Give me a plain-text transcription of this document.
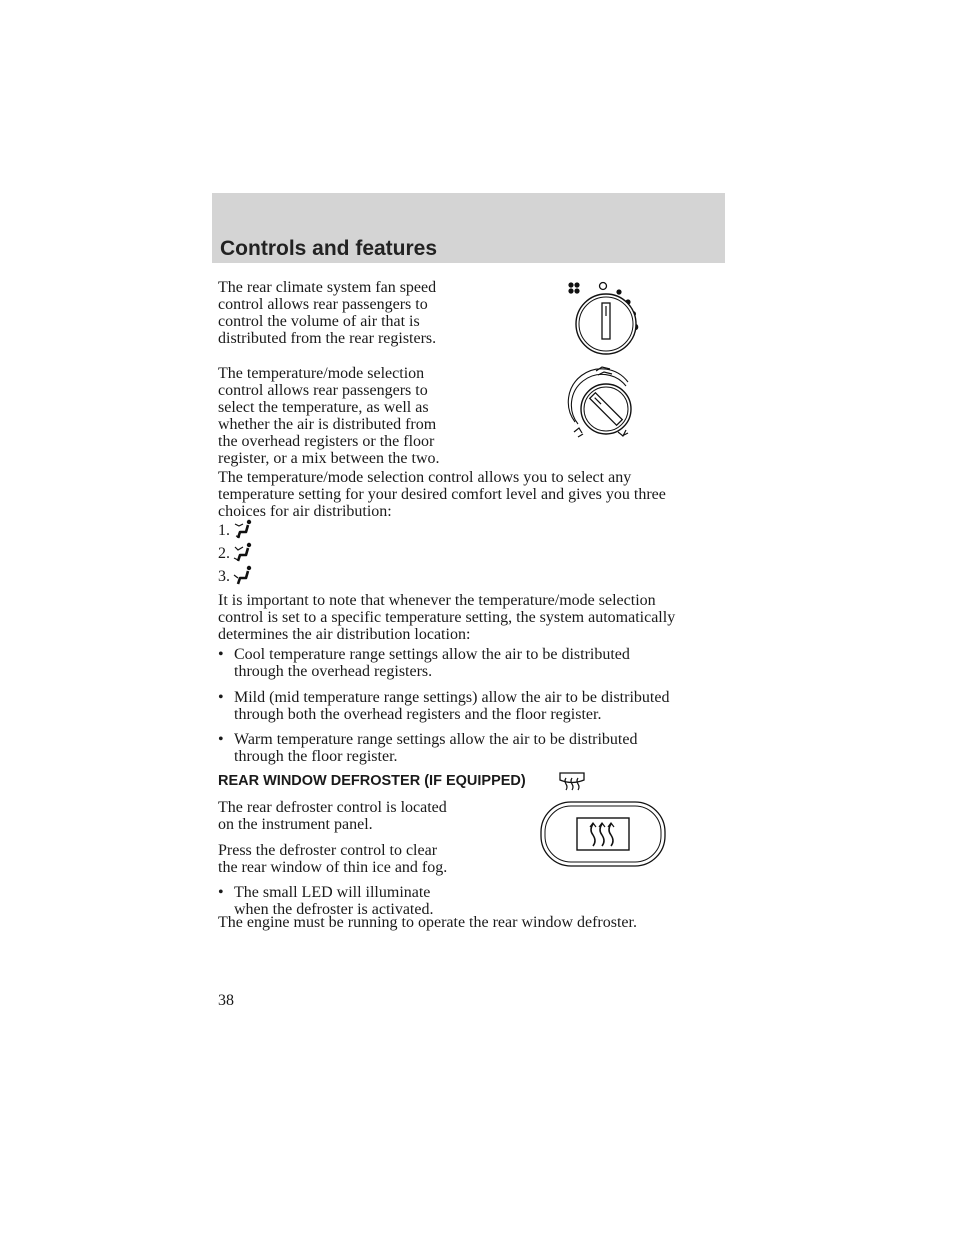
Controls and features
The rear climate system fan speed
control allows rear passengers to
control the volume of air that is
distributed from the rear registers.
The temperature/mode selection
control allows rear passengers to
select the temperature, as well as
whether the air is distributed from
the overhead registers or the floor
register, or a mix between the two.
The temperature/mode selection control allows you to select any
temperature setting for your desired comfort level and gives you three
choices for air distribution:
1.
2.
3.
It is important to note that whenever the temperature/mode selection
control is set to a specific temperature setting, the system automatically
determines the air distribution location:
• Cool temperature range settings allow the air to be distributed
through the overhead registers.
• Mild (mid temperature range settings) allow the air to be distributed
through both the overhead registers and the floor register.
• Warm temperature range settings allow the air to be distributed
through the floor register.
REAR WINDOW DEFROSTER (IF EQUIPPED)
The rear defroster control is located
on the instrument panel.
Press the defroster control to clear
the rear window of thin ice and fog.
• The small LED will illuminate
when the defroster is activated.
The engine must be running to operate the rear window defroster.
38
